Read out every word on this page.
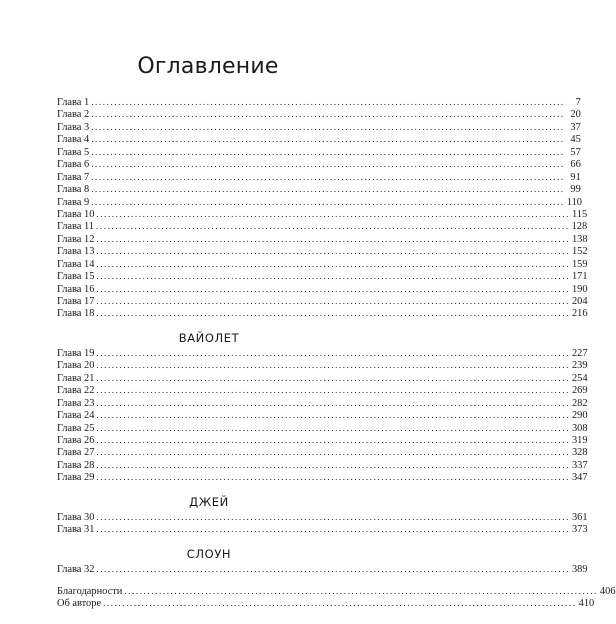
Оглавление
Глава 1 ...........................................................................................................................	7
Глава 2 ........................................................................................................................... 20
Глава 3 ........................................................................................................................... 37
Глава 4 ........................................................................................................................... 45
Глава 5 ........................................................................................................................... 57
Глава 6 ........................................................................................................................... 66
Глава 7 ........................................................................................................................... 91
Глава 8 ........................................................................................................................... 99
Глава 9 ........................................................................................................................... 110
Глава 10 ........................................................................................................................... 115
Глава 11 ........................................................................................................................... 128
Глава 12 ........................................................................................................................... 138
Глава 13 ........................................................................................................................... 152
Глава 14 ........................................................................................................................... 159
Глава 15 ........................................................................................................................... 171
Глава 16 ........................................................................................................................... 190
Глава 17 ........................................................................................................................... 204
Глава 18 ........................................................................................................................... 216
ВАЙОЛЕТ
Глава 19 ........................................................................................................................... 227
Глава 20 ........................................................................................................................... 239
Глава 21 ........................................................................................................................... 254
Глава 22 ........................................................................................................................... 269
Глава 23 ........................................................................................................................... 282
Глава 24 ........................................................................................................................... 290
Глава 25 ........................................................................................................................... 308
Глава 26 ........................................................................................................................... 319
Глава 27 ........................................................................................................................... 328
Глава 28 ........................................................................................................................... 337
Глава 29 ........................................................................................................................... 347
ДЖЕЙ
Глава 30 ........................................................................................................................... 361
Глава 31 ........................................................................................................................... 373
СЛОУН
Глава 32 ........................................................................................................................... 389
Благодарности ........................................................................................................................... 406
Об авторе ........................................................................................................................... 410
